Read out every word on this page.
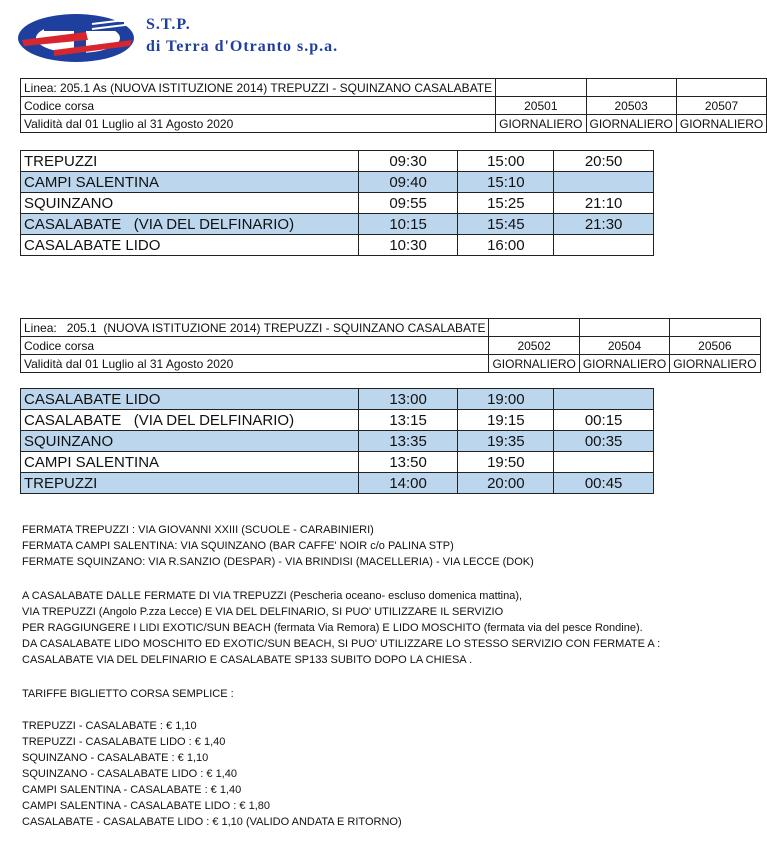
S.T.P.
di Terra d'Otranto s.p.a.
Linea: 205.1 As (NUOVA ISTITUZIONE 2014) TREPUZZI - SQUINZANO CASALABATE			
Codice corsa	20501	20503	20507
Validità dal 01 Luglio al 31 Agosto 2020	GIORNALIERO	GIORNALIERO	GIORNALIERO
TREPUZZI	09:30	15:00	20:50
CAMPI SALENTINA	09:40	15:10	
SQUINZANO	09:55	15:25	21:10
CASALABATE   (VIA DEL DELFINARIO)	10:15	15:45	21:30
CASALABATE LIDO	10:30	16:00	
Linea:   205.1  (NUOVA ISTITUZIONE 2014) TREPUZZI - SQUINZANO CASALABATE			
Codice corsa	20502	20504	20506
Validità dal 01 Luglio al 31 Agosto 2020	GIORNALIERO	GIORNALIERO	GIORNALIERO
CASALABATE LIDO	13:00	19:00	
CASALABATE   (VIA DEL DELFINARIO)	13:15	19:15	00:15
SQUINZANO	13:35	19:35	00:35
CAMPI SALENTINA	13:50	19:50	
TREPUZZI	14:00	20:00	00:45
FERMATA TREPUZZI : VIA GIOVANNI XXIII (SCUOLE - CARABINIERI)
FERMATA CAMPI SALENTINA: VIA SQUINZANO (BAR CAFFE' NOIR c/o PALINA STP)
FERMATE SQUINZANO: VIA R.SANZIO (DESPAR) - VIA BRINDISI (MACELLERIA) - VIA LECCE (DOK)
A CASALABATE DALLE FERMATE DI VIA TREPUZZI (Pescheria oceano- escluso domenica mattina),
VIA TREPUZZI (Angolo P.zza Lecce) E VIA DEL DELFINARIO, SI PUO' UTILIZZARE IL SERVIZIO
PER RAGGIUNGERE I LIDI EXOTIC/SUN BEACH (fermata Via Remora) E LIDO MOSCHITO (fermata via del pesce Rondine).
DA CASALABATE LIDO MOSCHITO ED EXOTIC/SUN BEACH, SI PUO' UTILIZZARE LO STESSO SERVIZIO CON FERMATE A :
CASALABATE VIA DEL DELFINARIO E CASALABATE SP133 SUBITO DOPO LA CHIESA .
TARIFFE BIGLIETTO CORSA SEMPLICE :
TREPUZZI - CASALABATE : € 1,10
TREPUZZI - CASALABATE LIDO : € 1,40
SQUINZANO - CASALABATE : € 1,10
SQUINZANO - CASALABATE LIDO : € 1,40
CAMPI SALENTINA - CASALABATE : € 1,40
CAMPI SALENTINA - CASALABATE LIDO : € 1,80
CASALABATE - CASALABATE LIDO : € 1,10 (VALIDO ANDATA E RITORNO)
